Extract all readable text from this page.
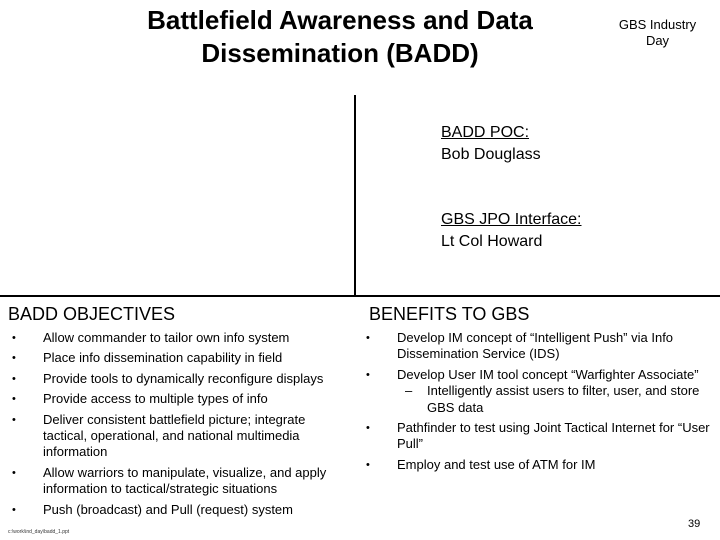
Battlefield Awareness and Data
Dissemination (BADD)
GBS Industry
Day
BADD POC:
Bob Douglass
GBS JPO Interface:
Lt Col Howard
BADD OBJECTIVES	BENEFITS TO GBS
• Allow commander to tailor own info system
• Place info dissemination capability in field
• Provide tools to dynamically reconfigure displays
• Provide access to multiple types of info
• Deliver consistent battlefield picture; integrate tactical, operational, and national multimedia information
• Allow warriors to manipulate, visualize, and apply information to tactical/strategic situations
• Push (broadcast) and Pull (request) system
• Develop IM concept of “Intelligent Push” via Info Dissemination Service (IDS)
• Develop User IM tool concept “Warfighter Associate”
– Intelligently assist users to filter, user, and store GBS data
• Pathfinder to test using Joint Tactical Internet for “User Pull”
• Employ and test use of ATM for IM
c:\work\ind_day\badd_1.ppt
39
